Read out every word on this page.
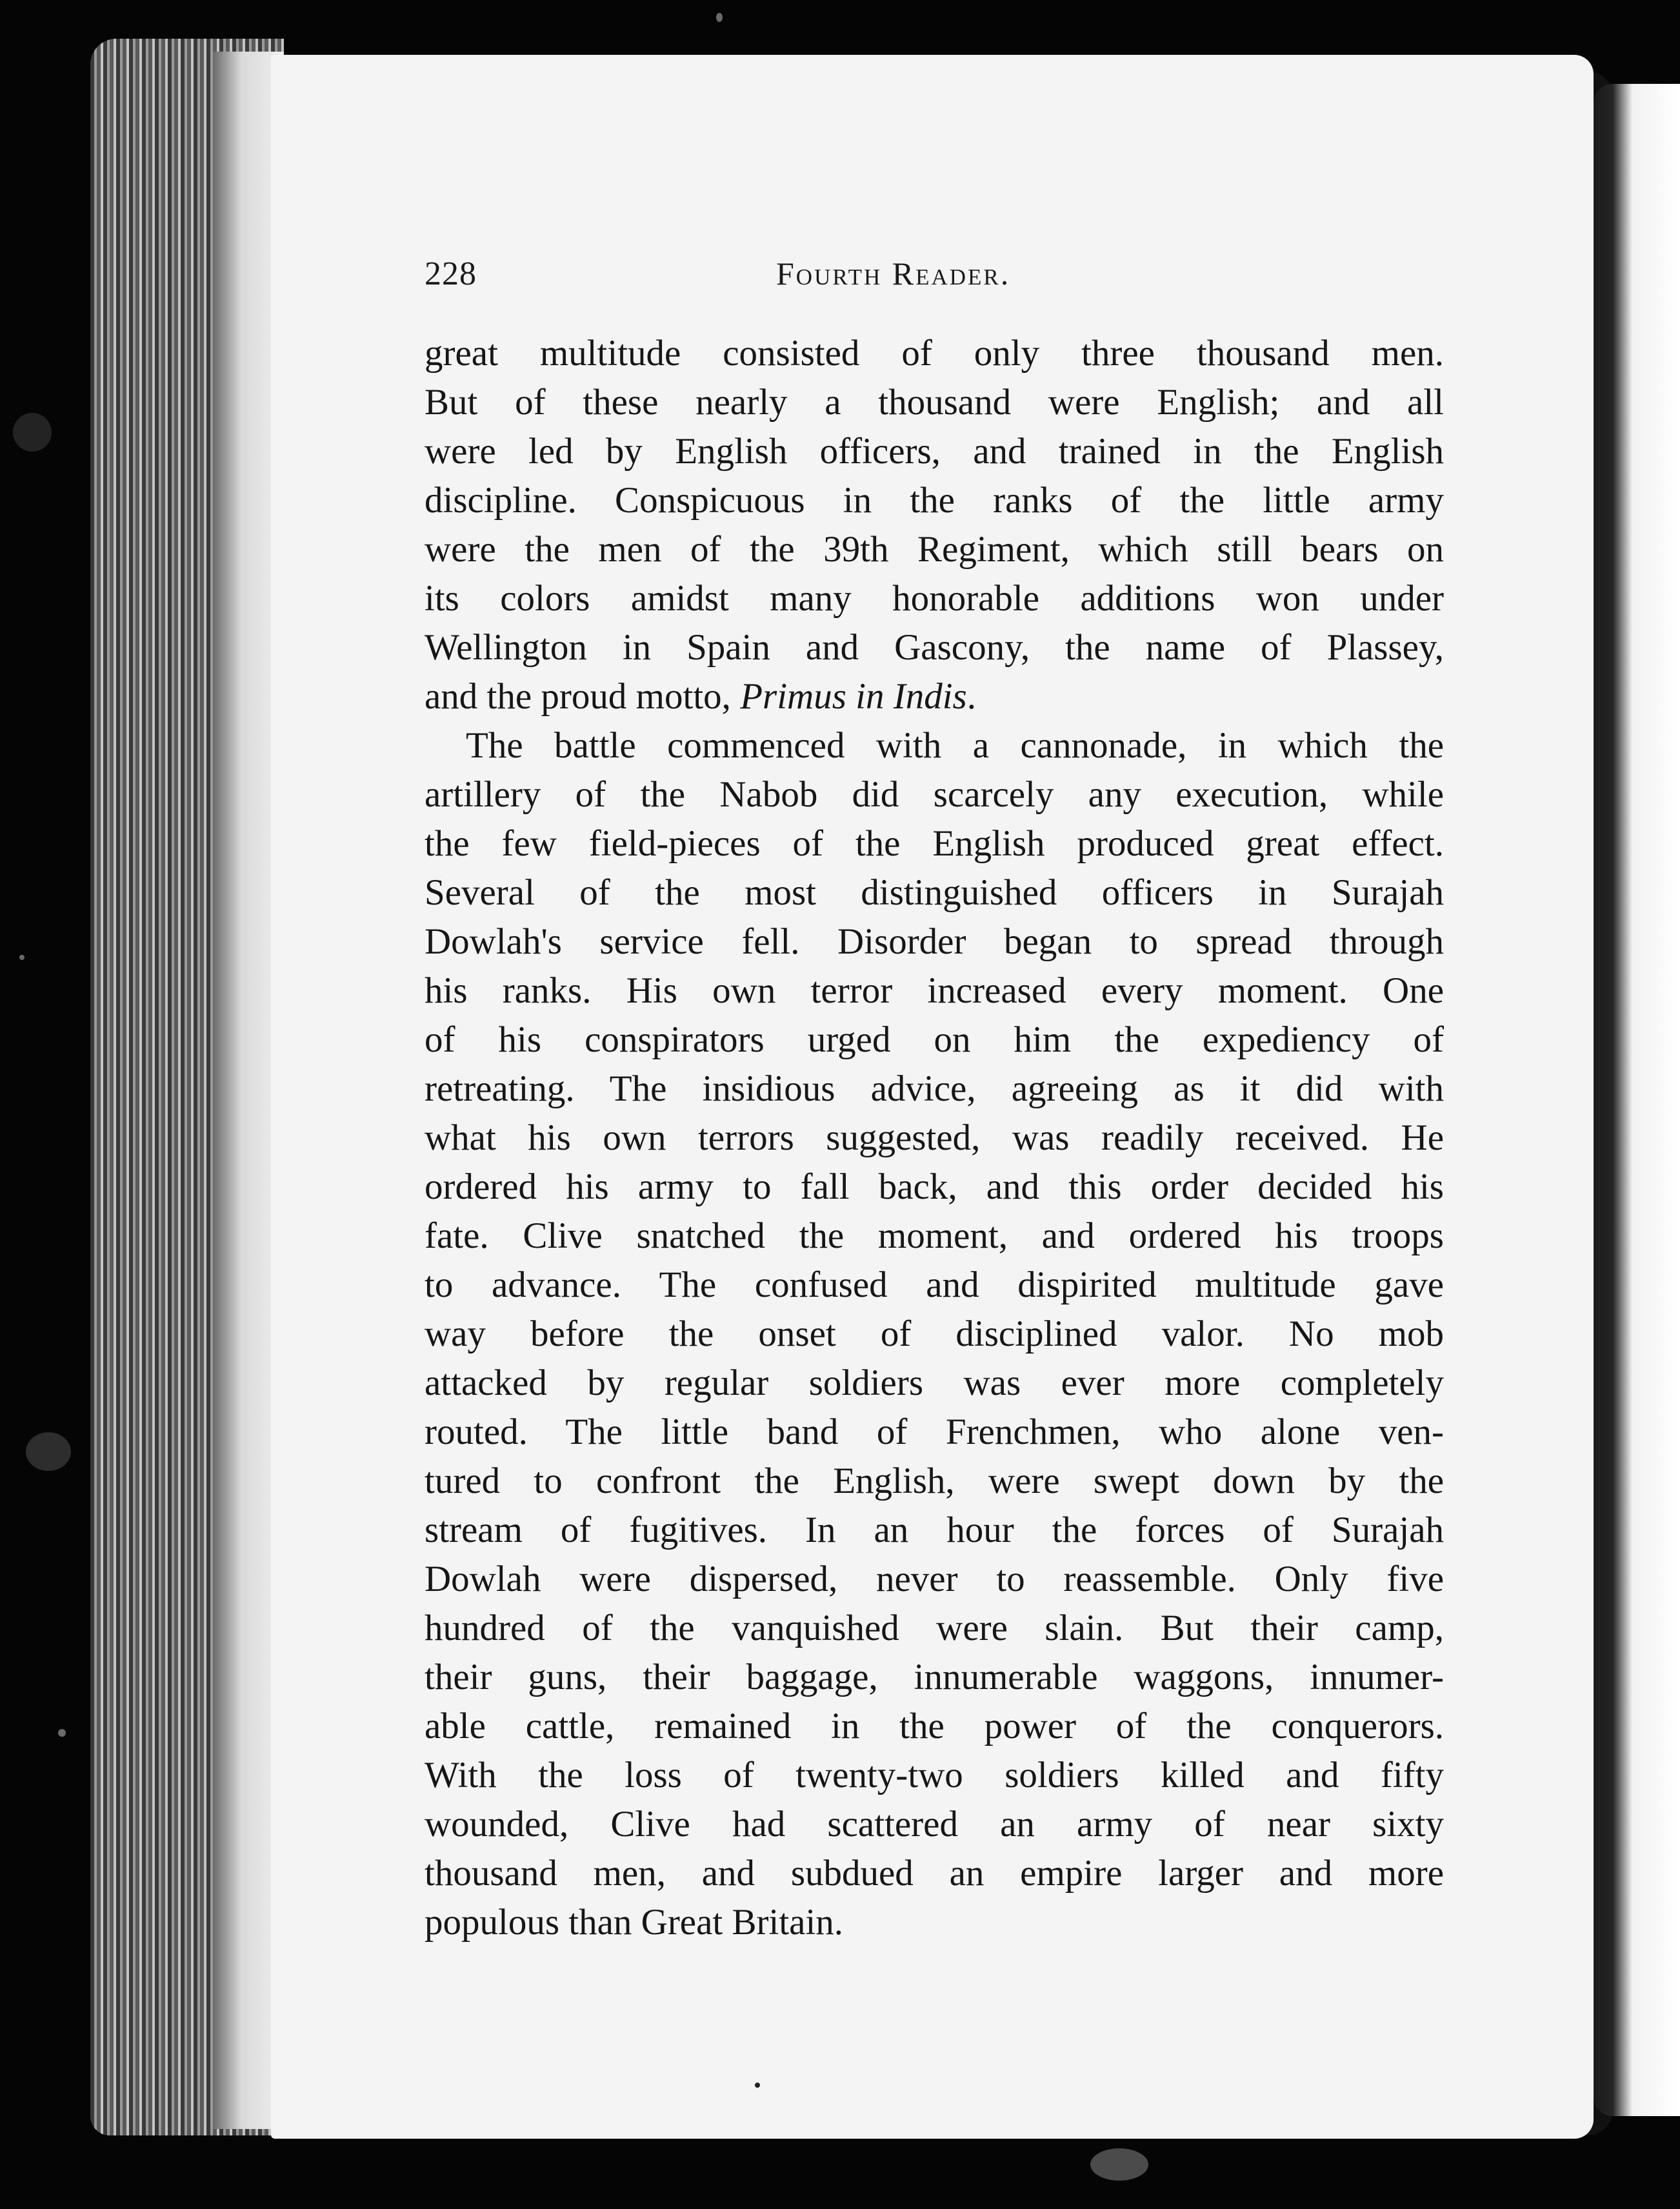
228	Fourth Reader.
great multitude consisted of only three thousand men.
But of these nearly a thousand were English; and all
were led by English officers, and trained in the English
discipline. Conspicuous in the ranks of the little army
were the men of the 39th Regiment, which still bears on
its colors amidst many honorable additions won under
Wellington in Spain and Gascony, the name of Plassey,
and the proud motto, Primus in Indis.
The battle commenced with a cannonade, in which the
artillery of the Nabob did scarcely any execution, while
the few field-pieces of the English produced great effect.
Several of the most distinguished officers in Surajah
Dowlah's service fell. Disorder began to spread through
his ranks. His own terror increased every moment. One
of his conspirators urged on him the expediency of
retreating. The insidious advice, agreeing as it did with
what his own terrors suggested, was readily received. He
ordered his army to fall back, and this order decided his
fate. Clive snatched the moment, and ordered his troops
to advance. The confused and dispirited multitude gave
way before the onset of disciplined valor. No mob
attacked by regular soldiers was ever more completely
routed. The little band of Frenchmen, who alone ven-
tured to confront the English, were swept down by the
stream of fugitives. In an hour the forces of Surajah
Dowlah were dispersed, never to reassemble. Only five
hundred of the vanquished were slain. But their camp,
their guns, their baggage, innumerable waggons, innumer-
able cattle, remained in the power of the conquerors.
With the loss of twenty-two soldiers killed and fifty
wounded, Clive had scattered an army of near sixty
thousand men, and subdued an empire larger and more
populous than Great Britain.
